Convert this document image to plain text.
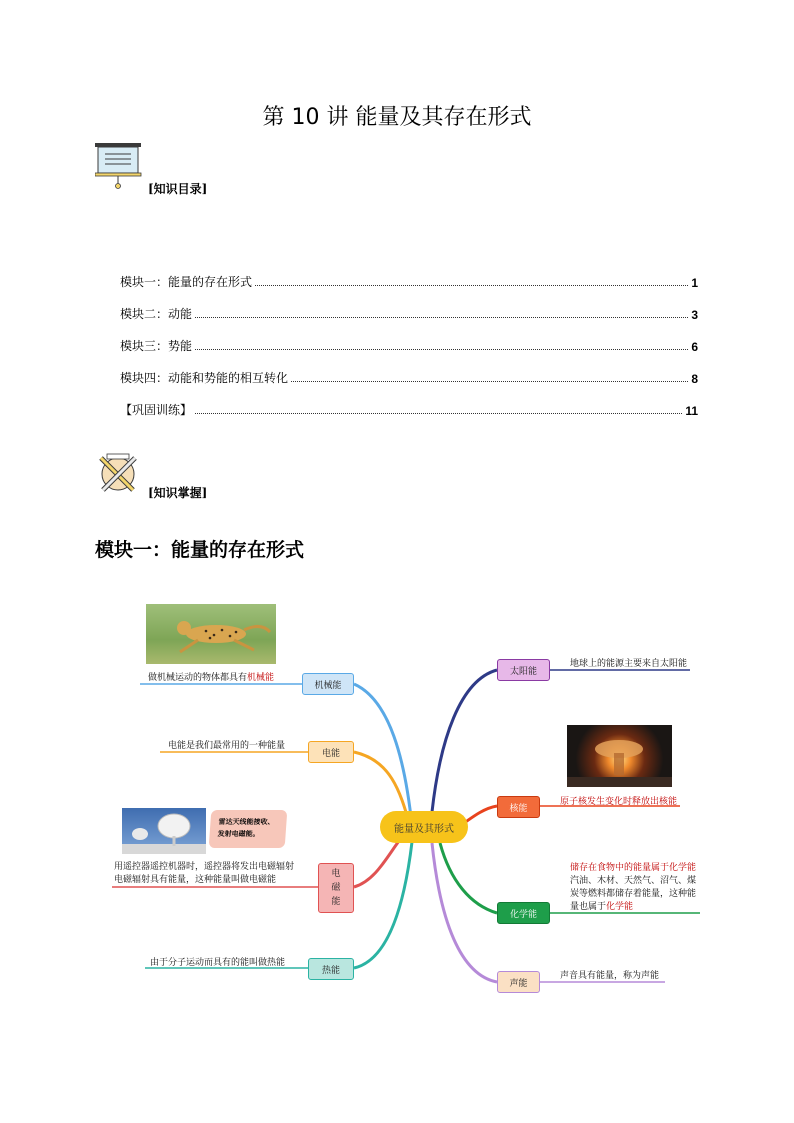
第 10 讲 能量及其存在形式
[知识目录]
模块一：能量的存在形式	1
模块二：动能	3
模块三：势能	6
模块四：动能和势能的相互转化	8
【巩固训练】	11
[知识掌握]
模块一：能量的存在形式
能量及其形式
机械能
做机械运动的物体都具有机械能
电能
电能是我们最常用的一种能量
雷达天线能接收、
发射电磁能。
电
磁
能
用遥控器遥控机器时，遥控器将发出电磁辐射
电磁辐射具有能量，这种能量叫做电磁能
热能
由于分子运动而具有的能叫做热能
太阳能
地球上的能源主要来自太阳能
核能
原子核发生变化时释放出核能
化学能
储存在食物中的能量属于化学能
汽油、木材、天然气、沼气、煤
炭等燃料都储存着能量，这种能
量也属于化学能
声能
声音具有能量，称为声能
